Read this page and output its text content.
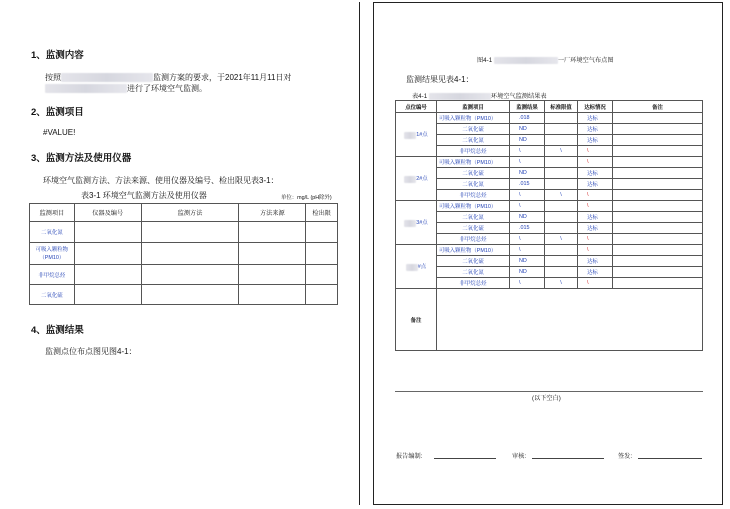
1、监测内容
按照	监测方案的要求，于2021年11月11日对
进行了环境空气监测。
2、监测项目
#VALUE!
3、监测方法及使用仪器
环境空气监测方法、方法来源、使用仪器及编号、检出限见表3-1：
表3-1 环境空气监测方法及使用仪器	单位：mg/L (pH除外)
监测项目	仪器及编号	监测方法	方法来源	检出限
二氧化氮				
可吸入颗粒物（PM10）				
非甲烷总烃				
二氧化硫				
4、监测结果
监测点位布点图见图4-1：
图4-1	一厂环境空气布点图
监测结果见表4-1：
表4-1	环境空气监测结果表
点位编号	监测项目	监测结果	标准限值	达标情况	备注
1#点	可吸入颗粒物（PM10）	.018		达标	
	二氧化硫	ND		达标	
	二氧化氮	ND		达标	
	非甲烷总烃	\	\	\	
2#点	可吸入颗粒物（PM10）	\		\	
	二氧化硫	ND		达标	
	二氧化氮	.015		达标	
	非甲烷总烃	\	\	\	
3#点	可吸入颗粒物（PM10）	\		\	
	二氧化氮	ND		达标	
	二氧化硫	.015		达标	
	非甲烷总烃	\	\	\	
#点	可吸入颗粒物（PM10）	\		\	
	二氧化硫	ND		达标	
	二氧化氮	ND		达标	
	非甲烷总烃	\	\	\	
备注					
(以下空白)
报告编制:	审核:	签发:
